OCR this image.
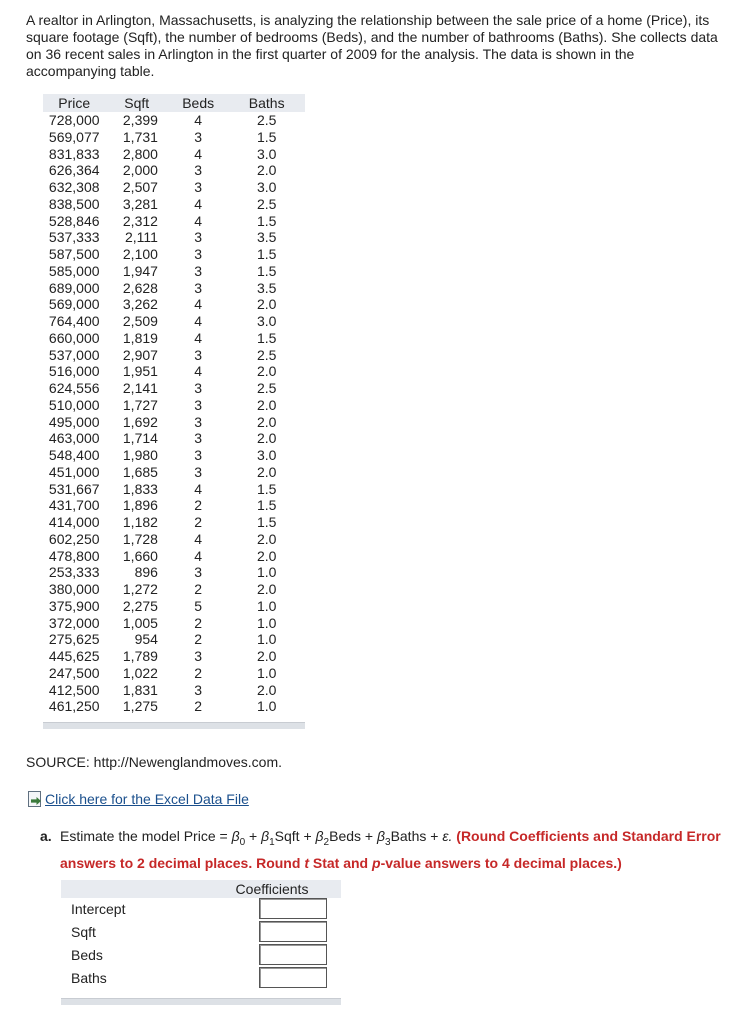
A realtor in Arlington, Massachusetts, is analyzing the relationship between the sale price of a home (Price), its square footage (Sqft), the number of bedrooms (Beds), and the number of bathrooms (Baths). She collects data on 36 recent sales in Arlington in the first quarter of 2009 for the analysis. The data is shown in the accompanying table.

Price	Sqft	Beds	Baths
728,000	2,399	4	2.5
569,077	1,731	3	1.5
831,833	2,800	4	3.0
626,364	2,000	3	2.0
632,308	2,507	3	3.0
838,500	3,281	4	2.5
528,846	2,312	4	1.5
537,333	2,111	3	3.5
587,500	2,100	3	1.5
585,000	1,947	3	1.5
689,000	2,628	3	3.5
569,000	3,262	4	2.0
764,400	2,509	4	3.0
660,000	1,819	4	1.5
537,000	2,907	3	2.5
516,000	1,951	4	2.0
624,556	2,141	3	2.5
510,000	1,727	3	2.0
495,000	1,692	3	2.0
463,000	1,714	3	2.0
548,400	1,980	3	3.0
451,000	1,685	3	2.0
531,667	1,833	4	1.5
431,700	1,896	2	1.5
414,000	1,182	2	1.5
602,250	1,728	4	2.0
478,800	1,660	4	2.0
253,333	896	3	1.0
380,000	1,272	2	2.0
375,900	2,275	5	1.0
372,000	1,005	2	1.0
275,625	954	2	1.0
445,625	1,789	3	2.0
247,500	1,022	2	1.0
412,500	1,831	3	2.0
461,250	1,275	2	1.0
SOURCE: http://Newenglandmoves.com.
Click here for the Excel Data File
a. Estimate the model Price = $\beta_0$ + $\beta_1Sqft$ + $\beta_2Beds$ + $\beta_3Baths + \varepsilon$. (Round Coefficients and Standard Error answers to 2 decimal places. Round t Stat and p-value answers to 4 decimal places.)
Coefficients
Intercept
Sqft
Beds
Baths
